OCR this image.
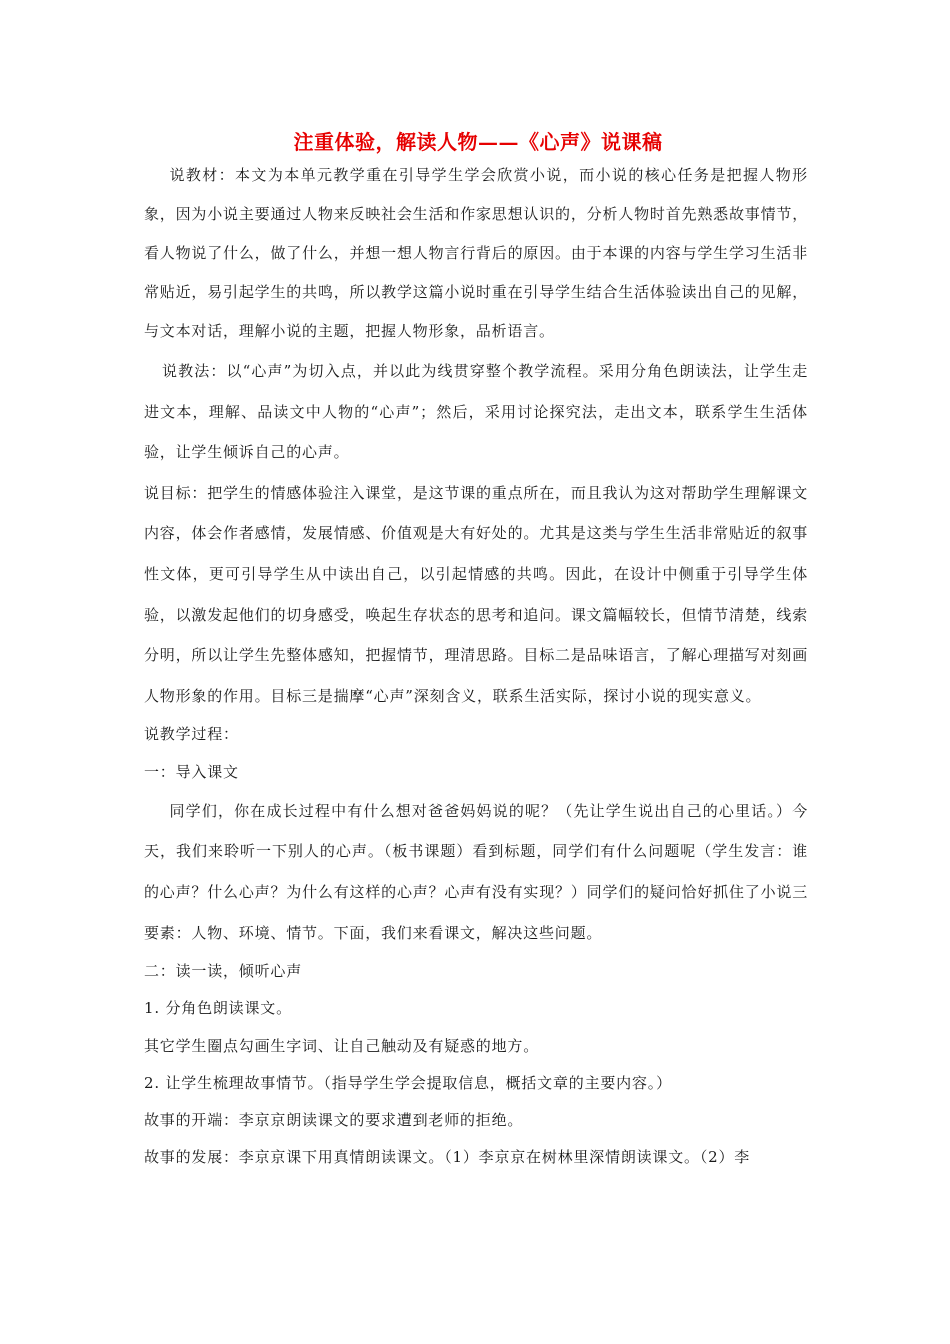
注重体验，解读人物——《心声》说课稿

说教材：本文为本单元教学重在引导学生学会欣赏小说，而小说的核心任务是把握人物形象，因为小说主要通过人物来反映社会生活和作家思想认识的，分析人物时首先熟悉故事情节，看人物说了什么，做了什么，并想一想人物言行背后的原因。由于本课的内容与学生学习生活非常贴近，易引起学生的共鸣，所以教学这篇小说时重在引导学生结合生活体验读出自己的见解，与文本对话，理解小说的主题，把握人物形象，品析语言。

说教法：以“心声”为切入点，并以此为线贯穿整个教学流程。采用分角色朗读法，让学生走进文本，理解、品读文中人物的“心声”；然后，采用讨论探究法，走出文本，联系学生生活体验，让学生倾诉自己的心声。

说目标：把学生的情感体验注入课堂，是这节课的重点所在，而且我认为这对帮助学生理解课文内容，体会作者感情，发展情感、价值观是大有好处的。尤其是这类与学生生活非常贴近的叙事性文体，更可引导学生从中读出自己，以引起情感的共鸣。因此，在设计中侧重于引导学生体验，以激发起他们的切身感受，唤起生存状态的思考和追问。课文篇幅较长，但情节清楚，线索分明，所以让学生先整体感知，把握情节，理清思路。目标二是品味语言，了解心理描写对刻画人物形象的作用。目标三是揣摩“心声”深刻含义，联系生活实际，探讨小说的现实意义。

说教学过程：

一：导入课文

同学们，你在成长过程中有什么想对爸爸妈妈说的呢？（先让学生说出自己的心里话。）今天，我们来聆听一下别人的心声。（板书课题）看到标题，同学们有什么问题呢（学生发言：谁的心声？什么心声？为什么有这样的心声？心声有没有实现？）同学们的疑问恰好抓住了小说三要素：人物、环境、情节。下面，我们来看课文，解决这些问题。

二：读一读，倾听心声

1. 分角色朗读课文。

其它学生圈点勾画生字词、让自己触动及有疑惑的地方。

2. 让学生梳理故事情节。（指导学生学会提取信息，概括文章的主要内容。）

故事的开端：李京京朗读课文的要求遭到老师的拒绝。

故事的发展：李京京课下用真情朗读课文。（1）李京京在树林里深情朗读课文。（2）李
